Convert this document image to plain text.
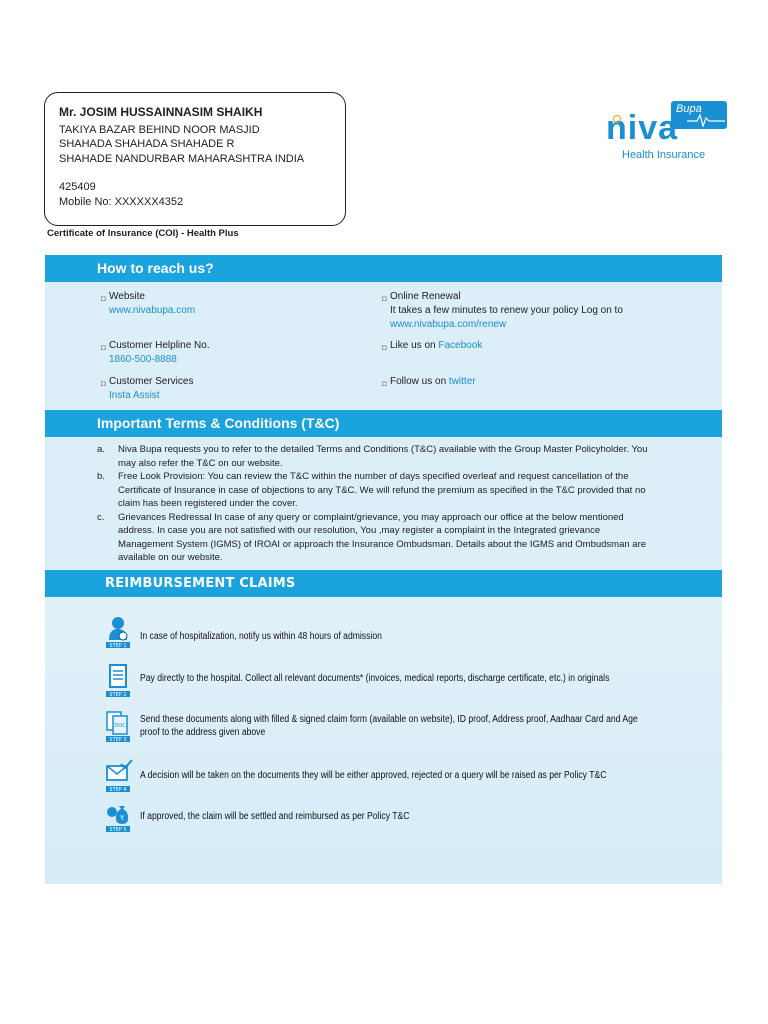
Mr. JOSIM HUSSAINNASIM SHAIKH
TAKIYA BAZAR BEHIND NOOR MASJID
SHAHADA SHAHADA SHAHADE R
SHAHADE NANDURBAR MAHARASHTRA INDIA
425409
Mobile No: XXXXXX4352
Certificate of Insurance (COI) - Health Plus
Bupa
niva
Health Insurance
How to reach us?
◘ Website
www.nivabupa.com
◘ Online Renewal
It takes a few minutes to renew your policy Log on to
www.nivabupa.com/renew
◘ Customer Helpline No.
1860-500-8888
◘ Like us on Facebook
◘ Customer Services
Insta Assist
◘ Follow us on twitter
Important Terms & Conditions (T&C)
a. Niva Bupa requests you to refer to the detailed Terms and Conditions (T&C) available with the Group Master Policyholder. You may also refer the T&C on our website.
b. Free Look Provision: You can review the T&C within the number of days specified overleaf and request cancellation of the Certificate of Insurance in case of objections to any T&C. We will refund the premium as specified in the T&C provided that no claim has been registered under the cover.
c. Grievances Redressal In case of any query or complaint/grievance, you may approach our office at the below mentioned address. In case you are not satisfied with our resolution, You ,may register a complaint in the Integrated grievance Management System (IGMS) of IROAI or approach the Insurance Ombudsman. Details about the IGMS and Ombudsman are available on our website.
REIMBURSEMENT CLAIMS
STEP 1
In case of hospitalization, notify us within 48 hours of admission
STEP 2
Pay directly to the hospital. Collect all relevant documents* (invoices, medical reports, discharge certificate, etc.) in originals
DOC
STEP 3
Send these documents along with filled & signed claim form (available on website), ID proof, Address proof, Aadhaar Card and Age
proof to the address given above
STEP 4
A decision will be taken on the documents they will be either approved, rejected or a query will be raised as per Policy T&C
₹
STEP 5
If approved, the claim will be settled and reimbursed as per Policy T&C
